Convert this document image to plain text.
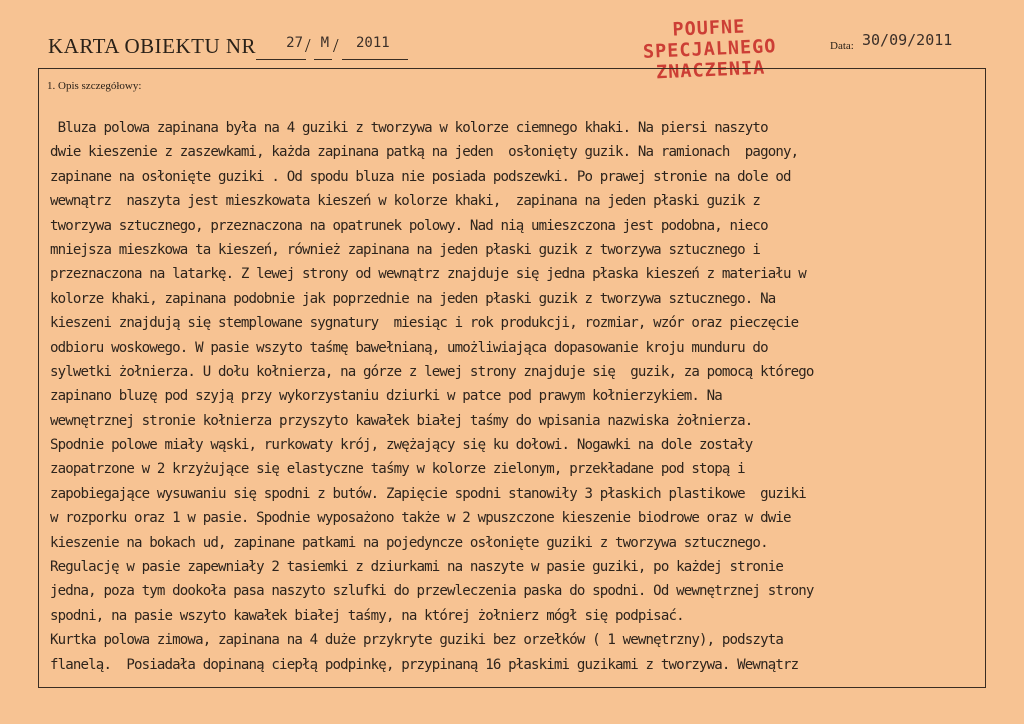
KARTA OBIEKTU NR	27 / M /	2011
POUFNE
SPECJALNEGO
ZNACZENIA
Data: 30/09/2011
1. Opis szczegółowy:
Bluza polowa zapinana była na 4 guziki z tworzywa w kolorze ciemnego khaki. Na piersi naszyto
dwie kieszenie z zaszewkami, każda zapinana patką na jeden  osłonięty guzik. Na ramionach  pagony,
zapinane na osłonięte guziki . Od spodu bluza nie posiada podszewki. Po prawej stronie na dole od
wewnątrz  naszyta jest mieszkowata kieszeń w kolorze khaki,  zapinana na jeden płaski guzik z
tworzywa sztucznego, przeznaczona na opatrunek polowy. Nad nią umieszczona jest podobna, nieco
mniejsza mieszkowa ta kieszeń, również zapinana na jeden płaski guzik z tworzywa sztucznego i
przeznaczona na latarkę. Z lewej strony od wewnątrz znajduje się jedna płaska kieszeń z materiału w
kolorze khaki, zapinana podobnie jak poprzednie na jeden płaski guzik z tworzywa sztucznego. Na
kieszeni znajdują się stemplowane sygnatury  miesiąc i rok produkcji, rozmiar, wzór oraz pieczęcie
odbioru woskowego. W pasie wszyto taśmę bawełnianą, umożliwiająca dopasowanie kroju munduru do
sylwetki żołnierza. U dołu kołnierza, na górze z lewej strony znajduje się  guzik, za pomocą którego
zapinano bluzę pod szyją przy wykorzystaniu dziurki w patce pod prawym kołnierzykiem. Na
wewnętrznej stronie kołnierza przyszyto kawałek białej taśmy do wpisania nazwiska żołnierza.
Spodnie polowe miały wąski, rurkowaty krój, zwężający się ku dołowi. Nogawki na dole zostały
zaopatrzone w 2 krzyżujące się elastyczne taśmy w kolorze zielonym, przekładane pod stopą i
zapobiegające wysuwaniu się spodni z butów. Zapięcie spodni stanowiły 3 płaskich plastikowe  guziki
w rozporku oraz 1 w pasie. Spodnie wyposażono także w 2 wpuszczone kieszenie biodrowe oraz w dwie
kieszenie na bokach ud, zapinane patkami na pojedyncze osłonięte guziki z tworzywa sztucznego.
Regulację w pasie zapewniały 2 tasiemki z dziurkami na naszyte w pasie guziki, po każdej stronie
jedna, poza tym dookoła pasa naszyto szlufki do przewleczenia paska do spodni. Od wewnętrznej strony
spodni, na pasie wszyto kawałek białej taśmy, na której żołnierz mógł się podpisać.
Kurtka polowa zimowa, zapinana na 4 duże przykryte guziki bez orzełków ( 1 wewnętrzny), podszyta
flanelą.  Posiadała dopinaną ciepłą podpinkę, przypinaną 16 płaskimi guzikami z tworzywa. Wewnątrz
